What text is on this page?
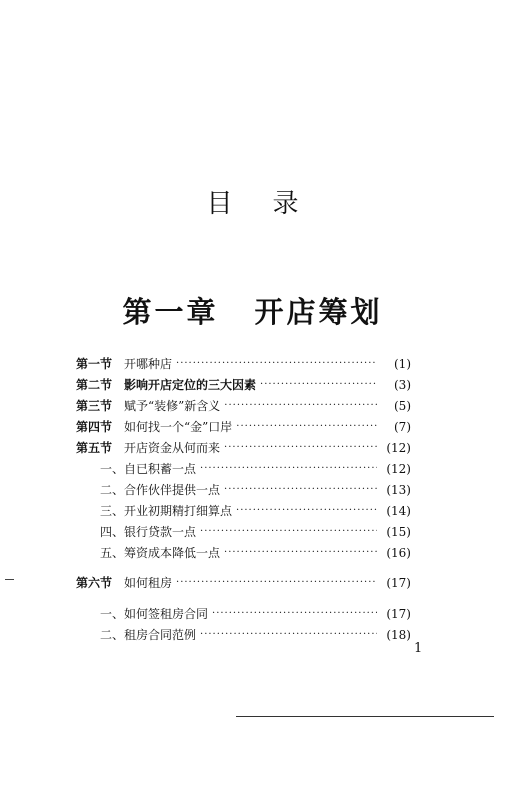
目录
第一章 开店筹划
第一节 开哪种店 ·····	(1)
第二节 影响开店定位的三大因素 ·····	(3)
第三节 赋予“装修”新含义 ·····	(5)
第四节 如何找一个“金”口岸 ·····	(7)
第五节 开店资金从何而来 ·····	(12)
一、自已积蓄一点 ·····	(12)
二、合作伙伴提供一点 ·····	(13)
三、开业初期精打细算点 ·····	(14)
四、银行贷款一点 ·····	(15)
五、筹资成本降低一点 ·····	(16)
第六节 如何租房 ·····	(17)
一、如何签租房合同 ·····	(17)
二、租房合同范例 ·····	(18)
1
